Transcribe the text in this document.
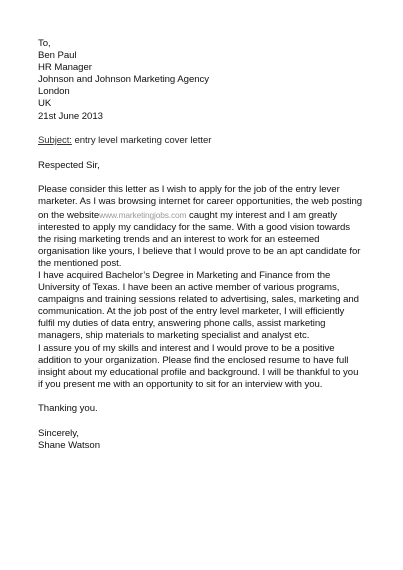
To,
Ben Paul
HR Manager
Johnson and Johnson Marketing Agency
London
UK
21st June 2013
Subject: entry level marketing cover letter
Respected Sir,
Please consider this letter as I wish to apply for the job of the entry lever
marketer. As I was browsing internet for career opportunities, the web posting
on the websitewww.marketingjobs.com caught my interest and I am greatly
interested to apply my candidacy for the same. With a good vision towards
the rising marketing trends and an interest to work for an esteemed
organisation like yours, I believe that I would prove to be an apt candidate for
the mentioned post.
I have acquired Bachelor’s Degree in Marketing and Finance from the
University of Texas. I have been an active member of various programs,
campaigns and training sessions related to advertising, sales, marketing and
communication. At the job post of the entry level marketer, I will efficiently
fulfil my duties of data entry, answering phone calls, assist marketing
managers, ship materials to marketing specialist and analyst etc.
I assure you of my skills and interest and I would prove to be a positive
addition to your organization. Please find the enclosed resume to have full
insight about my educational profile and background. I will be thankful to you
if you present me with an opportunity to sit for an interview with you.
Thanking you.
Sincerely,
Shane Watson
